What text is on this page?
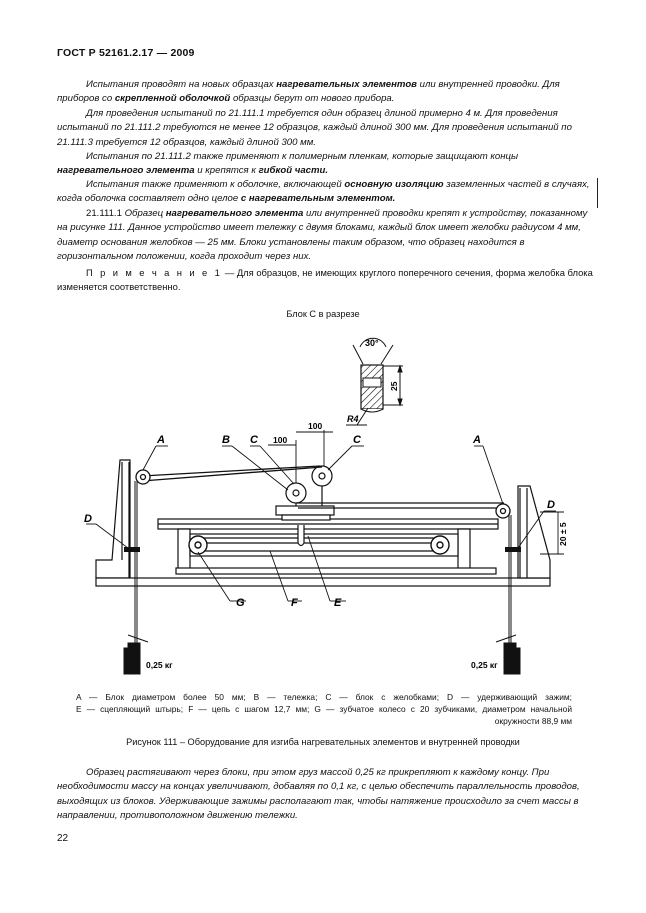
ГОСТ Р 52161.2.17 — 2009
Испытания проводят на новых образцах нагревательных элементов или внутренней проводки. Для приборов со скрепленной оболочкой образцы берут от нового прибора.
Для проведения испытаний по 21.111.1 требуется один образец длиной примерно 4 м. Для проведения испытаний по 21.111.2 требуются не менее 12 образцов, каждый длиной 300 мм. Для проведения испытаний по 21.111.3 требуется 12 образцов, каждый длиной 300 мм.
Испытания по 21.111.2 также применяют к полимерным пленкам, которые защищают концы нагревательного элемента и крепятся к гибкой части.
Испытания также применяют к оболочке, включающей основную изоляцию заземленных частей в случаях, когда оболочка составляет одно целое с нагревательным элементом.
21.111.1 Образец нагревательного элемента или внутренней проводки крепят к устройству, показанному на рисунке 111. Данное устройство имеет тележку с двумя блоками, каждый блок имеет желобки радиусом 4 мм, диаметр основания желобков — 25 мм. Блоки установлены таким образом, что образец находится в горизонтальном положении, когда проходит через них.
П р и м е ч а н и е 1 — Для образцов, не имеющих круглого поперечного сечения, форма желобка блока изменяется соответственно.
Блок C в разрезе
30°
25
R4
100
100
0,25 кг	0,25 кг
20 ± 5
A	A
B C	C
D
D
G	F	E
A — Блок диаметром более 50 мм; B — тележка; C — блок с желобками; D — удерживающий зажим;
E — сцепляющий штырь; F — цепь с шагом 12,7 мм; G — зубчатое колесо с 20 зубчиками, диаметром начальной
окружности 88,9 мм
Рисунок 111 – Оборудование для изгиба нагревательных элементов и внутренней проводки
Образец растягивают через блоки, при этом груз массой 0,25 кг прикрепляют к каждому концу. При необходимости массу на концах увеличивают, добавляя по 0,1 кг, с целью обеспечить параллельность проводов, выходящих из блоков. Удерживающие зажимы располагают так, чтобы натяжение происходило за счет массы в направлении, противоположном движению тележки.
22
